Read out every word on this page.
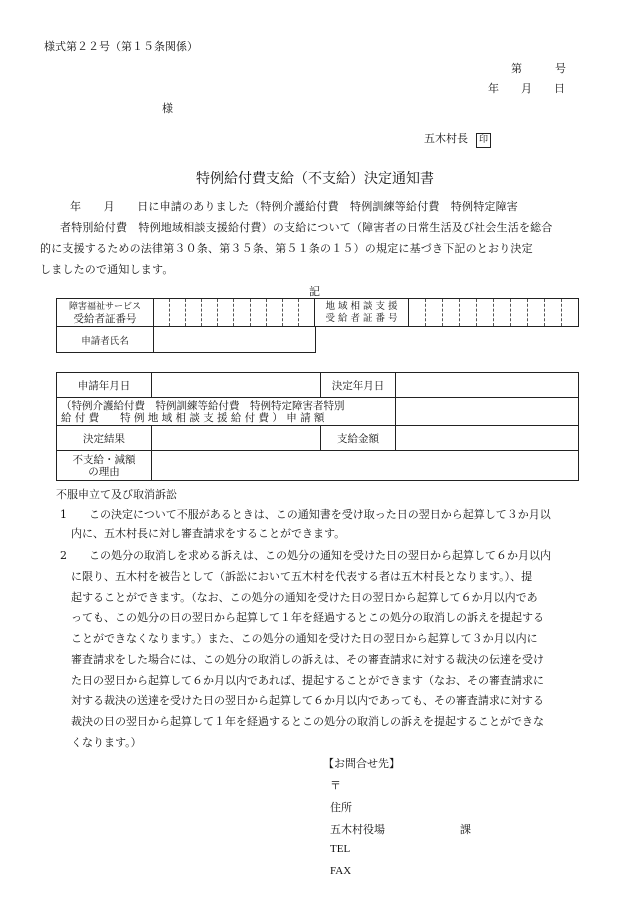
様式第２２号（第１５条関係）
第　　　号
年　　月　　日
様
五木村長 印
特例給付費支給（不支給）決定通知書
年　　月　　日に申請のありました（特例介護給付費　特例訓練等給付費　特例特定障害
者特別給付費　特例地域相談支援給付費）の支給について（障害者の日常生活及び社会生活を総合
的に支援するための法律第３０条、第３５条、第５１条の１５）の規定に基づき下記のとおり決定
しましたので通知します。
記
障害福祉サービス
受給者証番号

地 域 相 談 支 援
受 給 者 証 番 号

申請者氏名	
申請年月日		決定年月日	

（特例介護給付費　特例訓練等給付費　特例特定障害者特別
給 付 費　　特 例 地 域 相 談 支 援 給 付 費 ） 申 請 額			

決定結果		支給金額	

不支給・減額
の理由			

不服申立て及び取消訴訟
1　　この決定について不服があるときは、この通知書を受け取った日の翌日から起算して３か月以
　内に、五木村長に対し審査請求をすることができます。
2　　この処分の取消しを求める訴えは、この処分の通知を受けた日の翌日から起算して６か月以内
　に限り、五木村を被告として（訴訟において五木村を代表する者は五木村長となります。）、提
　起することができます。（なお、この処分の通知を受けた日の翌日から起算して６か月以内であ
　っても、この処分の日の翌日から起算して１年を経過するとこの処分の取消しの訴えを提起する
　ことができなくなります。）また、この処分の通知を受けた日の翌日から起算して３か月以内に
　審査請求をした場合には、この処分の取消しの訴えは、その審査請求に対する裁決の伝達を受け
　た日の翌日から起算して６か月以内であれば、提起することができます（なお、その審査請求に
　対する裁決の送達を受けた日の翌日から起算して６か月以内であっても、その審査請求に対する
　裁決の日の翌日から起算して１年を経過するとこの処分の取消しの訴えを提起することができな
　くなります。）
【お問合せ先】
〒
住所
五木村役場	課
TEL
FAX
